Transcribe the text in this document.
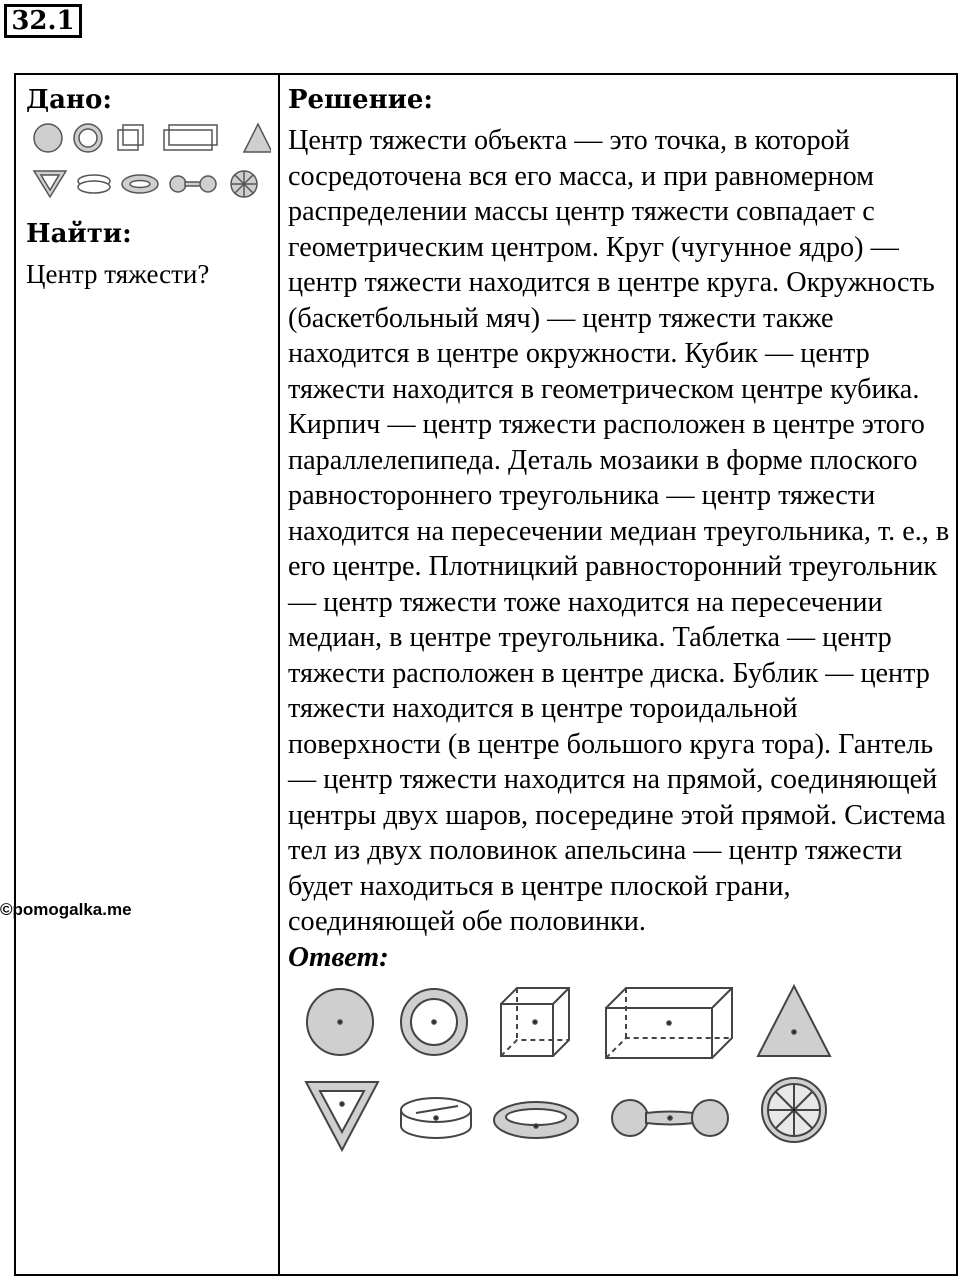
32.1
Дано:
Найти:
Центр тяжести?
Решение:
Центр тяжести объекта — это точка, в которой сосредоточена вся его масса, и при равномерном распределении массы центр тяжести совпадает с геометрическим центром. Круг (чугунное ядро) — центр тяжести находится в центре круга. Окружность (баскетбольный мяч) — центр тяжести также находится в центре окружности. Кубик — центр тяжести находится в геометрическом центре кубика. Кирпич — центр тяжести расположен в центре этого параллелепипеда. Деталь мозаики в форме плоского равностороннего треугольника — центр тяжести находится на пересечении медиан треугольника, т. е., в его центре. Плотницкий равносторонний треугольник — центр тяжести тоже находится на пересечении медиан, в центре треугольника. Таблетка — центр тяжести расположен в центре диска. Бублик — центр тяжести находится в центре тороидальной поверхности (в центре большого круга тора). Гантель — центр тяжести находится на прямой, соединяющей центры двух шаров, посередине этой прямой. Система тел из двух половинок апельсина — центр тяжести будет находиться в центре плоской грани, соединяющей обе половинки.
Ответ:
©pomogalka.me
